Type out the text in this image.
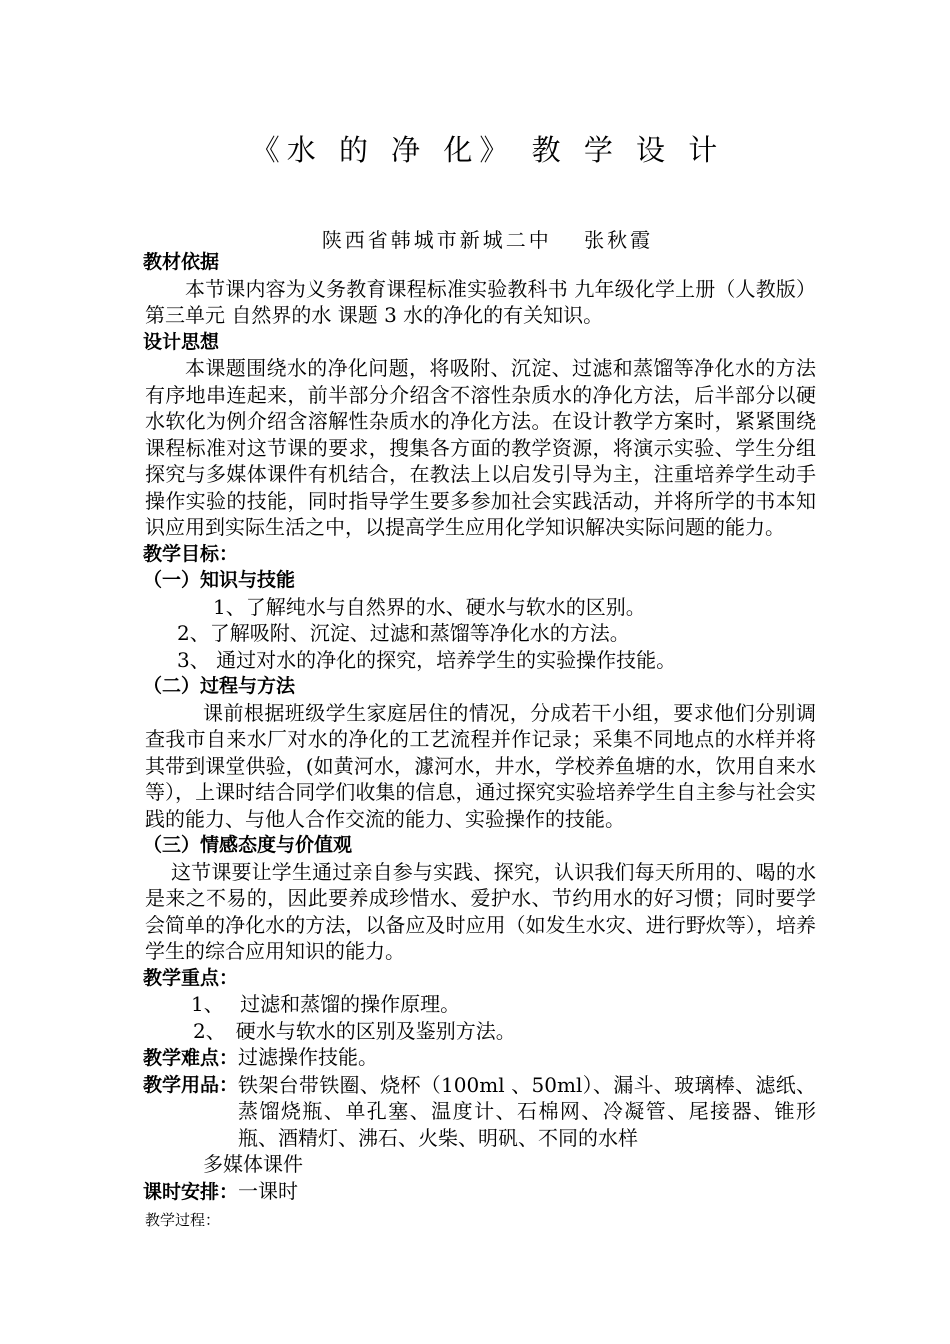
《水 的 净 化》 教 学 设 计
陕西省韩城市新城二中　 张秋霞
教材依据
本节课内容为义务教育课程标准实验教科书 九年级化学上册（人教版）第三单元 自然界的水 课题 3 水的净化的有关知识。
设计思想
本课题围绕水的净化问题，将吸附、沉淀、过滤和蒸馏等净化水的方法有序地串连起来，前半部分介绍含不溶性杂质水的净化方法，后半部分以硬水软化为例介绍含溶解性杂质水的净化方法。在设计教学方案时，紧紧围绕课程标准对这节课的要求，搜集各方面的教学资源，将演示实验、学生分组探究与多媒体课件有机结合，在教法上以启发引导为主，注重培养学生动手操作实验的技能，同时指导学生要多参加社会实践活动，并将所学的书本知识应用到实际生活之中，以提高学生应用化学知识解决实际问题的能力。
教学目标：
（一）知识与技能
1、了解纯水与自然界的水、硬水与软水的区别。
2、了解吸附、沉淀、过滤和蒸馏等净化水的方法。
3、 通过对水的净化的探究，培养学生的实验操作技能。
（二）过程与方法
课前根据班级学生家庭居住的情况，分成若干小组，要求他们分别调查我市自来水厂对水的净化的工艺流程并作记录；采集不同地点的水样并将其带到课堂供验，(如黄河水，澽河水，井水，学校养鱼塘的水，饮用自来水等），上课时结合同学们收集的信息，通过探究实验培养学生自主参与社会实践的能力、与他人合作交流的能力、实验操作的技能。
（三）情感态度与价值观
这节课要让学生通过亲自参与实践、探究，认识我们每天所用的、喝的水是来之不易的，因此要养成珍惜水、爱护水、节约用水的好习惯；同时要学会简单的净化水的方法，以备应及时应用（如发生水灾、进行野炊等），培养学生的综合应用知识的能力。
教学重点：
1、　 过滤和蒸馏的操作原理。
2、　硬水与软水的区别及鉴别方法。
教学难点：过滤操作技能。
教学用品： 铁架台带铁圈、烧杯（100ml 、50ml）、漏斗、玻璃棒、滤纸、蒸馏烧瓶、单孔塞、温度计、石棉网、冷凝管、尾接器、锥形瓶、酒精灯、沸石、火柴、明矾、不同的水样
多媒体课件
课时安排：一课时
教学过程：
